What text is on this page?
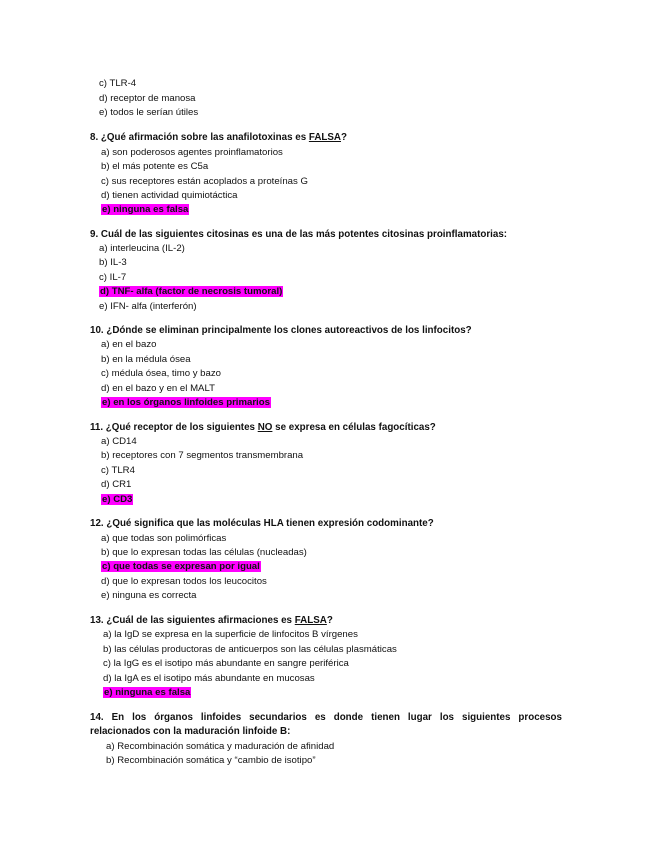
c) TLR-4
d) receptor de manosa
e) todos le serían útiles
8. ¿Qué afirmación sobre las anafilotoxinas es FALSA?
a) son poderosos agentes proinflamatorios
b) el más potente es C5a
c) sus receptores están acoplados a proteínas G
d) tienen actividad quimiotáctica
e) ninguna es falsa
9. Cuál de las siguientes citosinas es una de las más potentes citosinas proinflamatorias:
a) interleucina (IL-2)
b) IL-3
c) IL-7
d) TNF- alfa (factor de necrosis tumoral)
e) IFN- alfa (interferón)
10. ¿Dónde se eliminan principalmente los clones autoreactivos de los linfocitos?
a) en el bazo
b) en la médula ósea
c) médula ósea, timo y bazo
d) en el bazo y en el MALT
e) en los órganos linfoides primarios
11. ¿Qué receptor de los siguientes NO se expresa en células fagocíticas?
a) CD14
b) receptores con 7 segmentos transmembrana
c) TLR4
d) CR1
e) CD3
12. ¿Qué significa que las moléculas HLA tienen expresión codominante?
a) que todas son polimórficas
b) que lo expresan todas las células (nucleadas)
c) que todas se expresan por igual
d) que lo expresan todos los leucocitos
e) ninguna es correcta
13. ¿Cuál de las siguientes afirmaciones es FALSA?
a) la IgD se expresa en la superficie de linfocitos B vírgenes
b) las células productoras de anticuerpos son las células plasmáticas
c) la IgG es el isotipo más abundante en sangre periférica
d) la IgA es el isotipo más abundante en mucosas
e) ninguna es falsa
14. En los órganos linfoides secundarios es donde tienen lugar los siguientes procesos
relacionados con la maduración linfoide B:
a) Recombinación somática y maduración de afinidad
b) Recombinación somática y “cambio de isotipo”
